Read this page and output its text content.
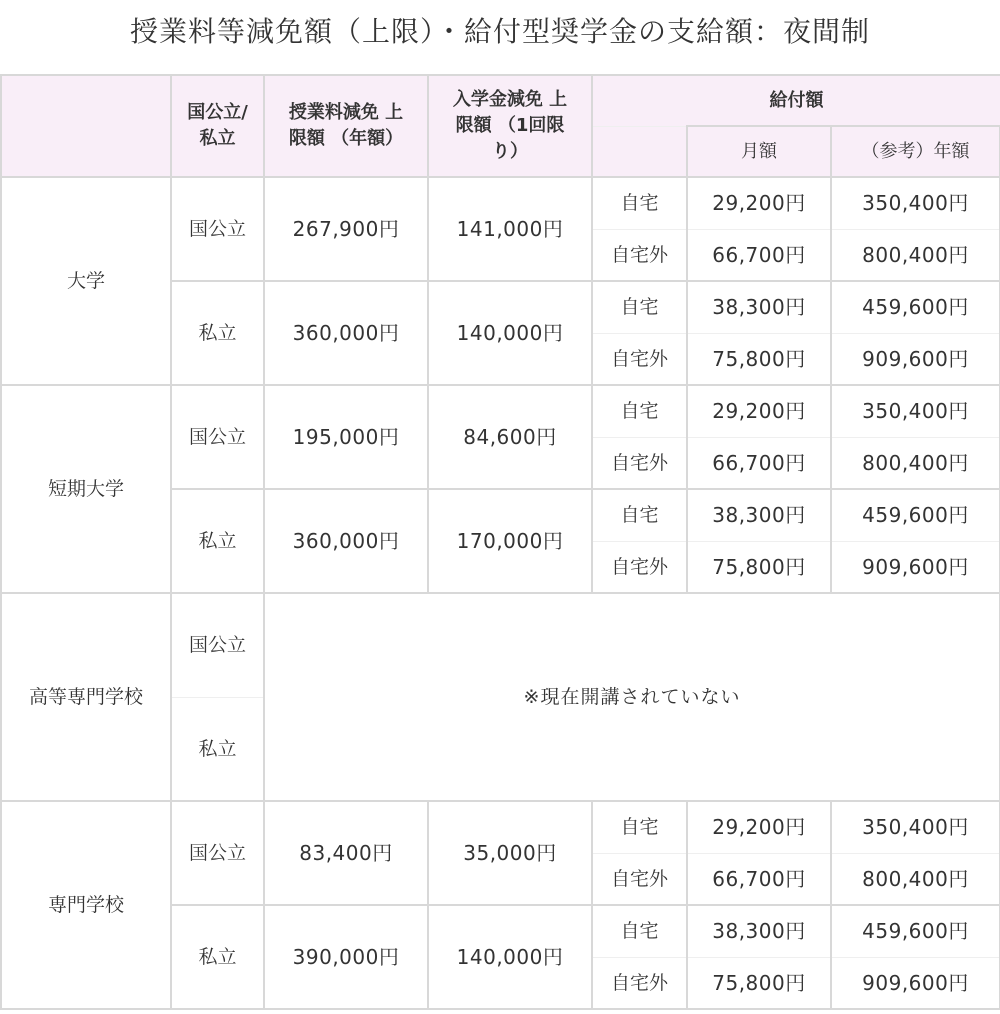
授業料等減免額（上限）・給付型奨学金の支給額：夜間制
	国公立/私立	授業料減免 上限額 （年額）	入学金減免 上限額 （1回限り）	給付額		
					月額	（参考）年額
大学	国公立	267,900円	141,000円	自宅	29,200円	350,400円
				自宅外	66,700円	800,400円
	私立	360,000円	140,000円	自宅	38,300円	459,600円
				自宅外	75,800円	909,600円
短期大学	国公立	195,000円	84,600円	自宅	29,200円	350,400円
				自宅外	66,700円	800,400円
	私立	360,000円	170,000円	自宅	38,300円	459,600円
				自宅外	75,800円	909,600円
高等専門学校	国公立	※現在開講されていない				
	私立					
専門学校	国公立	83,400円	35,000円	自宅	29,200円	350,400円
				自宅外	66,700円	800,400円
	私立	390,000円	140,000円	自宅	38,300円	459,600円
				自宅外	75,800円	909,600円
